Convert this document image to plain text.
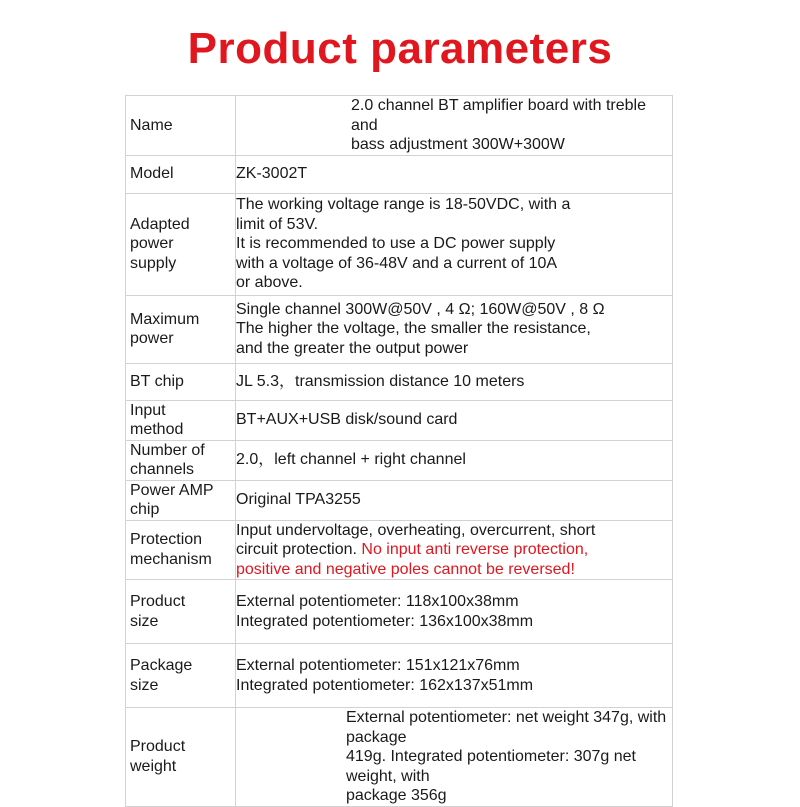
Product parameters
Name	2.0 channel BT amplifier board with treble and
bass adjustment 300W+300W

Model	ZK-3002T

Adapted
power
supply	The working voltage range is 18-50VDC, with a
limit of 53V.
It is recommended to use a DC power supply
with a voltage of 36-48V and a current of 10A
or above.

Maximum
power	Single channel 300W@50V , 4 Ω; 160W@50V , 8 Ω
The higher the voltage, the smaller the resistance,
and the greater the output power

BT chip	JL 5.3，transmission distance 10 meters

Input
method	BT+AUX+USB disk/sound card

Number of
channels	2.0，left channel + right channel

Power AMP
chip	Original TPA3255

Protection
mechanism	Input undervoltage, overheating, overcurrent, short
circuit protection. No input anti reverse protection,
positive and negative poles cannot be reversed!

Product
size	External potentiometer: 118x100x38mm
Integrated potentiometer: 136x100x38mm

Package
size	External potentiometer: 151x121x76mm
Integrated potentiometer: 162x137x51mm

Product
weight	External potentiometer: net weight 347g, with package
419g. Integrated potentiometer: 307g net weight, with
package 356g
